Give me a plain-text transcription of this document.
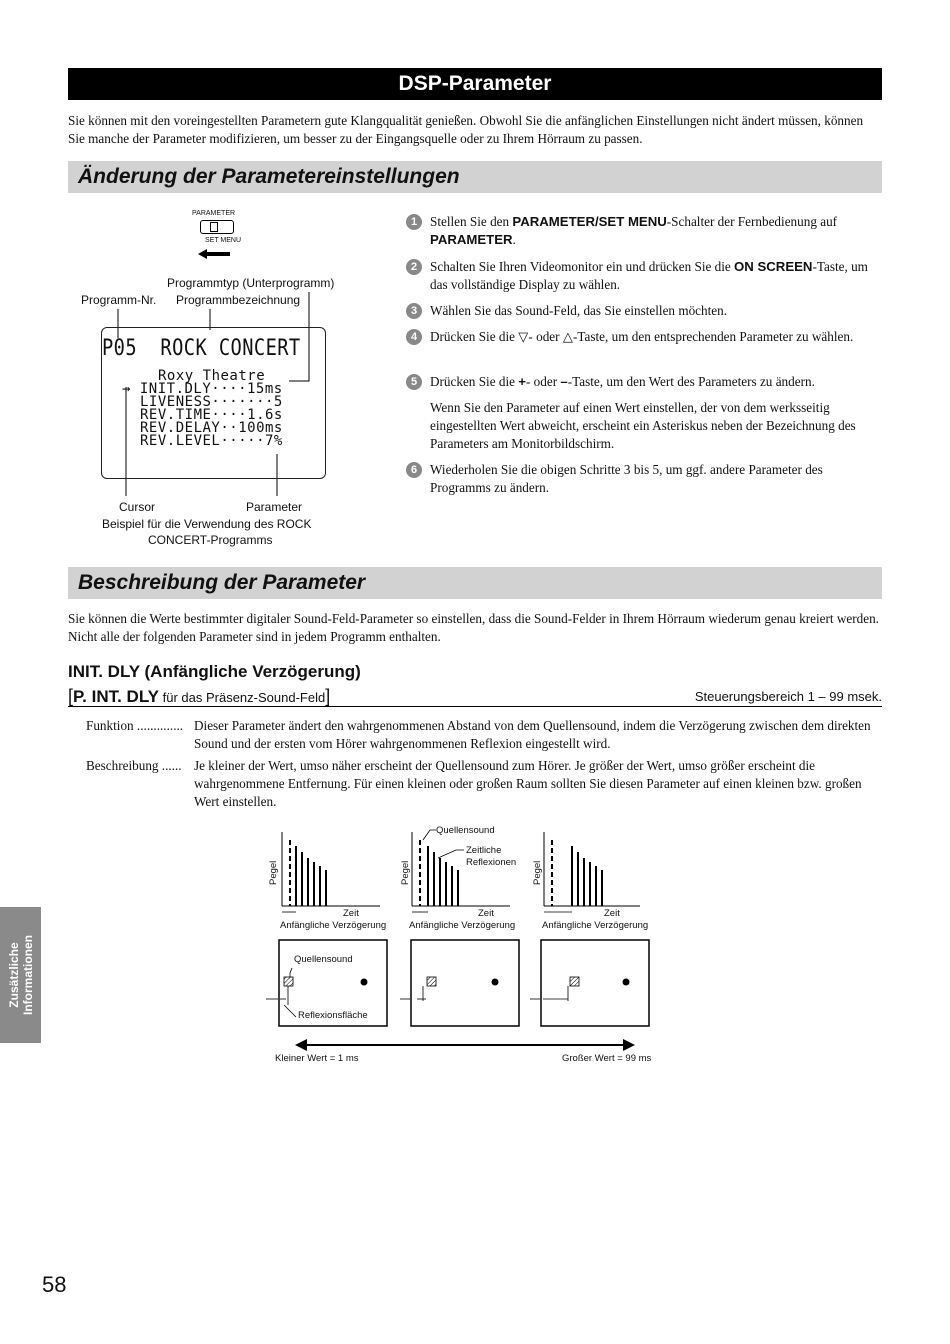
DSP-Parameter
Sie können mit den voreingestellten Parametern gute Klangqualität genießen. Obwohl Sie die anfänglichen Einstellungen nicht ändert müssen, können Sie manche der Parameter modifizieren, um besser zu der Eingangsquelle oder zu Ihrem Hörraum zu passen.
Änderung der Parametereinstellungen
PARAMETER
SET MENU
Programmtyp (Unterprogramm)
Programm-Nr. Programmbezeichnung
P05  ROCK CONCERT
Roxy Theatre
→ INIT.DLY····15ms
LIVENESS·······5
REV.TIME····1.6s
REV.DELAY··100ms
REV.LEVEL·····7%
Cursor	Parameter
Beispiel für die Verwendung des ROCK
CONCERT-Programms
1 Stellen Sie den PARAMETER/SET MENU-Schalter der Fernbedienung auf PARAMETER.
2 Schalten Sie Ihren Videomonitor ein und drücken Sie die ON SCREEN-Taste, um das vollständige Display zu wählen.
3 Wählen Sie das Sound-Feld, das Sie einstellen möchten.
4 Drücken Sie die ▽- oder △-Taste, um den entsprechenden Parameter zu wählen.
5 Drücken Sie die +- oder –-Taste, um den Wert des Parameters zu ändern.
Wenn Sie den Parameter auf einen Wert einstellen, der von dem werksseitig eingestellten Wert abweicht, erscheint ein Asteriskus neben der Bezeichnung des Parameters am Monitorbildschirm.
6 Wiederholen Sie die obigen Schritte 3 bis 5, um ggf. andere Parameter des Programms zu ändern.
Beschreibung der Parameter
Sie können die Werte bestimmter digitaler Sound-Feld-Parameter so einstellen, dass die Sound-Felder in Ihrem Hörraum wiederum genau kreiert werden. Nicht alle der folgenden Parameter sind in jedem Programm enthalten.
INIT. DLY (Anfängliche Verzögerung)
[P. INT. DLY für das Präsenz-Sound-Feld]	Steuerungsbereich 1 – 99 msek.
Funktion .............. Dieser Parameter ändert den wahrgenommenen Abstand von dem Quellensound, indem die Verzögerung zwischen dem direkten Sound und der ersten vom Hörer wahrgenommenen Reflexion eingestellt wird.
Beschreibung ...... Je kleiner der Wert, umso näher erscheint der Quellensound zum Hörer. Je größer der Wert, umso größer erscheint die wahrgenommene Entfernung. Für einen kleinen oder großen Raum sollten Sie diesen Parameter auf einen kleinen bzw. großen Wert einstellen.
Pegel	Pegel	Pegel
Quellensound
Zeitliche
Reflexionen
Zeit	Zeit	Zeit
Anfängliche Verzögerung Anfängliche Verzögerung	Anfängliche Verzögerung
Quellensound
Reflexionsfläche
Kleiner Wert = 1 ms	Großer Wert = 99 ms
Zusätzliche Informationen
58
